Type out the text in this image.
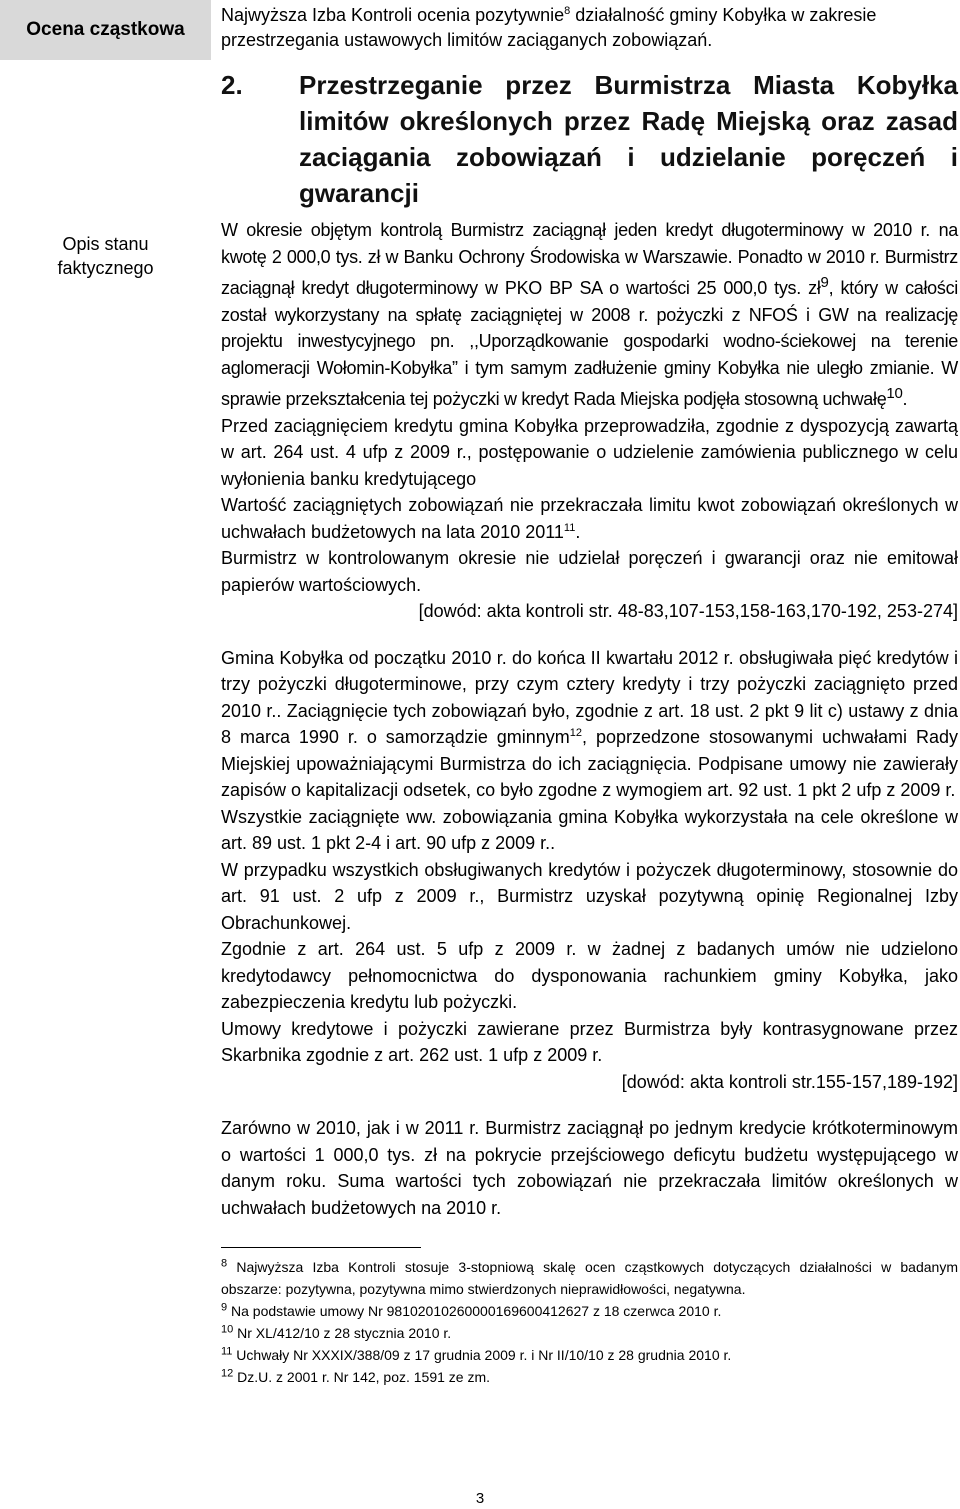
Ocena cząstkowa
Opis stanu
faktycznego

Najwyższa Izba Kontroli ocenia pozytywnie$^8$ działalność gminy Kobyłka w zakresie przestrzegania ustawowych limitów zaciąganych zobowiązań.

2.	Przestrzeganie przez Burmistrza Miasta Kobyłka limitów określonych przez Radę Miejską oraz zasad zaciągania zobowiązań i udzielanie poręczeń i gwarancji

W okresie objętym kontrolą Burmistrz zaciągnął jeden kredyt długoterminowy w 2010 r. na kwotę 2 000,0 tys. zł w Banku Ochrony Środowiska w Warszawie. Ponadto w 2010 r. Burmistrz zaciągnął kredyt długoterminowy w PKO BP SA o wartości 25 000,0 tys. $zł^9$, który w całości został wykorzystany na spłatę zaciągniętej w 2008 r. pożyczki z NFOŚ i GW na realizację projektu inwestycyjnego pn. ,,Uporządkowanie gospodarki wodno-ściekowej na terenie aglomeracji Wołomin-Kobyłka” i tym samym zadłużenie gminy Kobyłka nie uległo zmianie. W sprawie przekształcenia tej pożyczki w kredyt Rada Miejska podjęła stosowną uchwałę$^{10}$.

Przed zaciągnięciem kredytu gmina Kobyłka przeprowadziła, zgodnie z dyspozycją zawartą w art. 264 ust. 4 ufp z 2009 r., postępowanie o udzielenie zamówienia publicznego w celu wyłonienia banku kredytującego

Wartość zaciągniętych zobowiązań nie przekraczała limitu kwot zobowiązań określonych w uchwałach budżetowych na lata 2010 2011$^{11}$.

Burmistrz w kontrolowanym okresie nie udzielał poręczeń i gwarancji oraz nie emitował papierów wartościowych.

[dowód: akta kontroli str. 48-83,107-153,158-163,170-192, 253-274]

Gmina Kobyłka od początku 2010 r. do końca II kwartału 2012 r. obsługiwała pięć kredytów i trzy pożyczki długoterminowe, przy czym cztery kredyty i trzy pożyczki zaciągnięto przed 2010 r.. Zaciągnięcie tych zobowiązań było, zgodnie z art. 18 ust. 2 pkt 9 lit c) ustawy z dnia 8 marca 1990 r. o samorządzie gminnym$^{12}$, poprzedzone stosowanymi uchwałami Rady Miejskiej upoważniającymi Burmistrza do ich zaciągnięcia. Podpisane umowy nie zawierały zapisów o kapitalizacji odsetek, co było zgodne z wymogiem art. 92 ust. 1 pkt 2 ufp z 2009 r.

Wszystkie zaciągnięte ww. zobowiązania gmina Kobyłka wykorzystała na cele określone w art. 89 ust. 1 pkt 2-4 i art. 90 ufp z 2009 r..

W przypadku wszystkich obsługiwanych kredytów i pożyczek długoterminowy, stosownie do art. 91 ust. 2 ufp z 2009 r., Burmistrz uzyskał pozytywną opinię Regionalnej Izby Obrachunkowej.

Zgodnie z art. 264 ust. 5 ufp z 2009 r. w żadnej z badanych umów nie udzielono kredytodawcy pełnomocnictwa do dysponowania rachunkiem gminy Kobyłka, jako zabezpieczenia kredytu lub pożyczki.

Umowy kredytowe i pożyczki zawierane przez Burmistrza były kontrasygnowane przez Skarbnika zgodnie z art. 262 ust. 1 ufp z 2009 r.

[dowód: akta kontroli str.155-157,189-192]

Zarówno w 2010, jak i w 2011 r. Burmistrz zaciągnął po jednym kredycie krótkoterminowym o wartości 1 000,0 tys. zł na pokrycie przejściowego deficytu budżetu występującego w danym roku. Suma wartości tych zobowiązań nie przekraczała limitów określonych w uchwałach budżetowych na 2010 r.

$^8$ Najwyższa Izba Kontroli stosuje 3-stopniową skalę ocen cząstkowych dotyczących działalności w badanym obszarze: pozytywna, pozytywna mimo stwierdzonych nieprawidłowości, negatywna.

$^9$ Na podstawie umowy Nr 98102010260000169600412627 z 18 czerwca 2010 r.

$^{10}$ Nr XL/412/10 z 28 stycznia 2010 r.

$^{11}$ Uchwały Nr XXXIX/388/09 z 17 grudnia 2009 r. i Nr II/10/10 z 28 grudnia 2010 r.

$^{12}$ Dz.U. z 2001 r. Nr 142, poz. 1591 ze zm.

3
